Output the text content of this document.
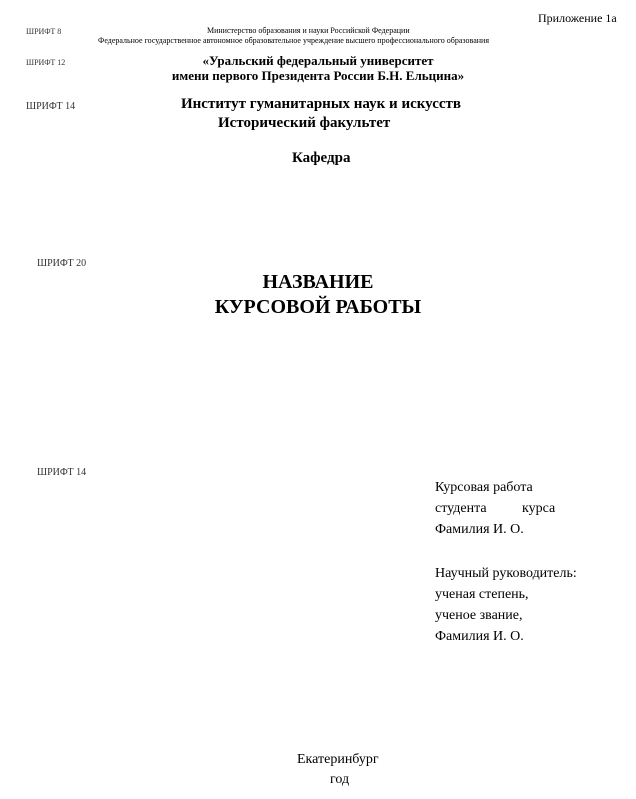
Приложение 1а
ШРИФТ 8	Министерство образования и науки Российской Федерации
Федеральное государственное автономное образовательное учреждение высшего профессионального образования
ШРИФТ 12	«Уральский федеральный университет
имени первого Президента России Б.Н. Ельцина»
ШРИФТ 14	Институт гуманитарных наук и искусств
Исторический факультет
Кафедра
ШРИФТ 20
НАЗВАНИЕ
КУРСОВОЙ РАБОТЫ
ШРИФТ 14
Курсовая работа
студента	курса
Фамилия И. О.
Научный руководитель:
ученая степень,
ученое звание,
Фамилия И. О.
Екатеринбург
год
